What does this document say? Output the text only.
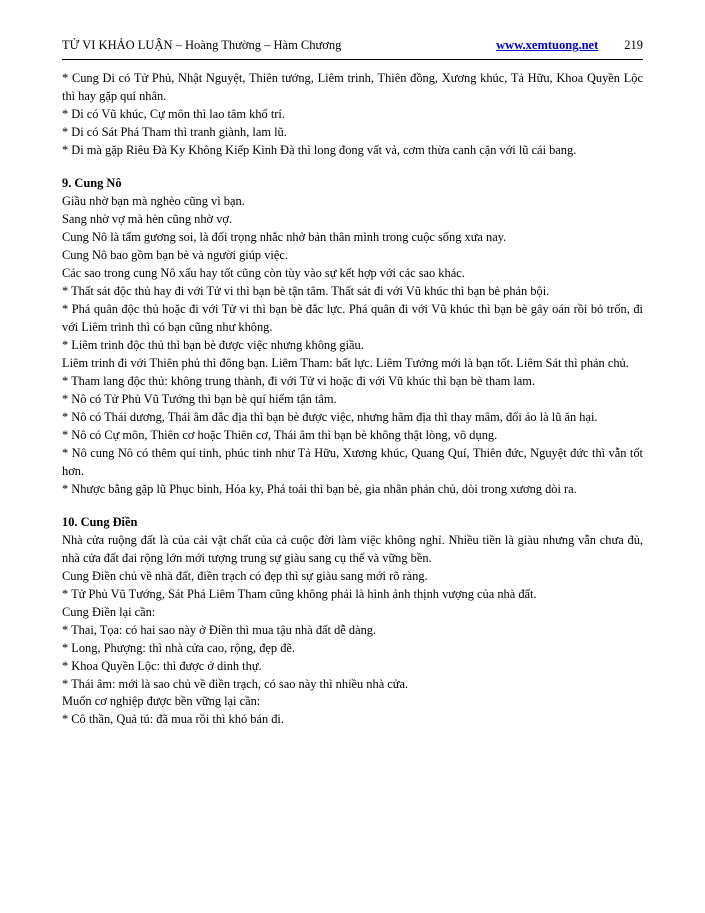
TỬ VI KHẢO LUẬN – Hoàng Thường – Hàm Chương	www.xemtuong.net 219

* Cung Di có Tử Phủ, Nhật Nguyệt, Thiên tướng, Liêm trinh, Thiên đồng, Xương khúc, Tả Hữu, Khoa Quyền Lộc thì hay gặp quí nhân.

* Di có Vũ khúc, Cự môn thì lao tâm khổ trí.

* Di có Sát Phá Tham thì tranh giành, lam lũ.

* Di mà gặp Riêu Đà Ky Không Kiếp Kình Đà thì long đong vất vả, cơm thừa canh cặn với lũ cái bang.

9. Cung Nô

Giầu nhờ bạn mà nghèo cũng vì bạn.

Sang nhờ vợ mà hèn cũng nhờ vợ.

Cung Nô là tấm gương soi, là đối trọng nhắc nhở bản thân mình trong cuộc sống xưa nay.

Cung Nô bao gồm bạn bè và người giúp việc.

Các sao trong cung Nô xấu hay tốt cũng còn tùy vào sự kết hợp với các sao khác.

* Thất sát độc thủ hay đi với Tử vi thì bạn bè tận tâm. Thất sát đi với Vũ khúc thì bạn bè phản bội.

* Phá quân độc thủ hoặc đi với Tử vi thì bạn bè đắc lực. Phá quân đi với Vũ khúc thì bạn bè gây oán rồi bỏ trốn, đi với Liêm trinh thì có bạn cũng như không.

* Liêm trinh độc thủ thì bạn bè được việc nhưng không giầu.

Liêm trinh đi với Thiên phủ thì đông bạn. Liêm Tham: bất lực. Liêm Tướng mới là bạn tốt. Liêm Sát thì phản chủ.

* Tham lang độc thủ: không trung thành, đi với Tử vi hoặc đi với Vũ khúc thì bạn bè tham lam.

* Nô có Tử Phủ Vũ Tướng thì bạn bè quí hiếm tận tâm.

* Nô có Thái dương, Thái âm đắc địa thì bạn bè được việc, nhưng hãm địa thì thay mâm, đổi áo là lũ ăn hại.

* Nô có Cự môn, Thiên cơ hoặc Thiên cơ, Thái âm thì bạn bè không thật lòng, vô dụng.

* Nô cung Nô có thêm quí tinh, phúc tinh như Tả Hữu, Xương khúc, Quang Quí, Thiên đức, Nguyệt đức thì vẫn tốt hơn.

* Nhược bằng gặp lũ Phục binh, Hóa ky, Phá toái thì bạn bè, gia nhân phản chủ, dòi trong xương dòi ra.

10. Cung Điền

Nhà cửa ruộng đất là của cải vật chất của cả cuộc đời làm việc không nghỉ. Nhiều tiền là giàu nhưng vẫn chưa đủ, nhà cửa đất đai rộng lớn mới tượng trung sự giàu sang cụ thể và vững bền.

Cung Điền chủ về nhà đất, điền trạch có đẹp thì sự giàu sang mới rõ ràng.

* Tử Phủ Vũ Tướng, Sát Phá Liêm Tham cũng không phải là hình ảnh thịnh vượng của nhà đất.

Cung Điền lại cần:

* Thai, Tọa: có hai sao này ở Điền thì mua tậu nhà đất dễ dàng.

* Long, Phượng: thì nhà cửa cao, rộng, đẹp đẽ.

* Khoa Quyền Lộc: thì được ở dinh thự.

* Thái âm: mới là sao chủ về điền trạch, có sao này thì nhiều nhà cửa.

Muốn cơ nghiệp được bền vững lại cần:

* Cô thần, Quả tú: đã mua rồi thì khó bán đi.
